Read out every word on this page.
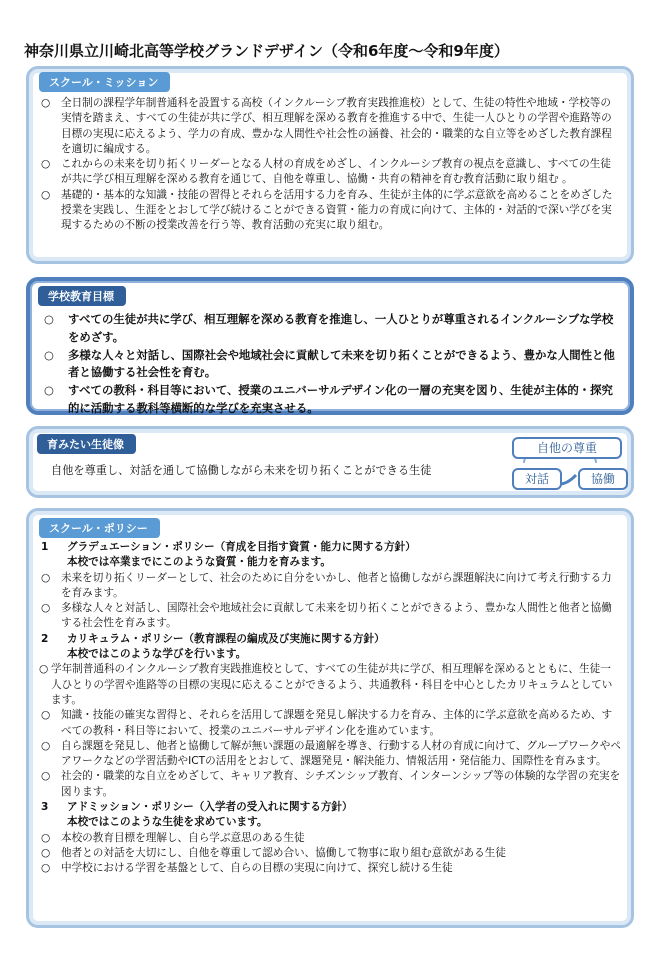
神奈川県立川崎北高等学校グランドデザイン（令和6年度～令和9年度）
スクール・ミッション
○ 全日制の課程学年制普通科を設置する高校（インクルーシブ教育実践推進校）として、生徒の特性や地域・学校等の実情を踏まえ、すべての生徒が共に学び、相互理解を深める教育を推進する中で、生徒一人ひとりの学習や進路等の目標の実現に応えるよう、学力の育成、豊かな人間性や社会性の涵養、社会的・職業的な自立等をめざした教育課程を適切に編成する。
○ これからの未来を切り拓くリーダーとなる人材の育成をめざし、インクルーシブ教育の視点を意識し、すべての生徒が共に学び相互理解を深める教育を通じて、自他を尊重し、協働・共育の精神を育む教育活動に取り組む 。
○ 基礎的・基本的な知識・技能の習得とそれらを活用する力を育み、生徒が主体的に学ぶ意欲を高めることをめざした授業を実践し、生涯をとおして学び続けることができる資質・能力の育成に向けて、主体的・対話的で深い学びを実現するための不断の授業改善を行う等、教育活動の充実に取り組む。
学校教育目標
○ すべての生徒が共に学び、相互理解を深める教育を推進し、一人ひとりが尊重されるインクルーシブな学校をめざす。
○ 多様な人々と対話し、国際社会や地域社会に貢献して未来を切り拓くことができるよう、豊かな人間性と他者と協働する社会性を育む。
○ すべての教科・科目等において、授業のユニバーサルデザイン化の一層の充実を図り、生徒が主体的・探究的に活動する教科等横断的な学びを充実させる。
育みたい生徒像
自他を尊重し、対話を通して協働しながら未来を切り拓くことができる生徒
自他の尊重
対話	協働
スクール・ポリシー
1 グラデュエーション・ポリシー（育成を目指す資質・能力に関する方針）
本校では卒業までにこのような資質・能力を育みます。
○ 未来を切り拓くリーダーとして、社会のために自分をいかし、他者と協働しながら課題解決に向けて考え行動する力を育みます。
○ 多様な人々と対話し、国際社会や地域社会に貢献して未来を切り拓くことができるよう、豊かな人間性と他者と協働する社会性を育みます。
2 カリキュラム・ポリシー（教育課程の編成及び実施に関する方針）
本校ではこのような学びを行います。
○ 学年制普通科のインクルーシブ教育実践推進校として、すべての生徒が共に学び、相互理解を深めるとともに、生徒一人ひとりの学習や進路等の目標の実現に応えることができるよう、共通教科・科目を中心としたカリキュラムとしています。
○ 知識・技能の確実な習得と、それらを活用して課題を発見し解決する力を育み、主体的に学ぶ意欲を高めるため、すべての教科・科目等において、授業のユニバーサルデザイン化を進めています。
○ 自ら課題を発見し、他者と協働して解が無い課題の最適解を導き、行動する人材の育成に向けて、グループワークやペアワークなどの学習活動やICTの活用をとおして、課題発見・解決能力、情報活用・発信能力、国際性を育みます。
○ 社会的・職業的な自立をめざして、キャリア教育、シチズンシップ教育、インターンシップ等の体験的な学習の充実を図ります。
3 アドミッション・ポリシー（入学者の受入れに関する方針）
本校ではこのような生徒を求めています。
○ 本校の教育目標を理解し、自ら学ぶ意思のある生徒
○ 他者との対話を大切にし、自他を尊重して認め合い、協働して物事に取り組む意欲がある生徒
○ 中学校における学習を基盤として、自らの目標の実現に向けて、探究し続ける生徒
